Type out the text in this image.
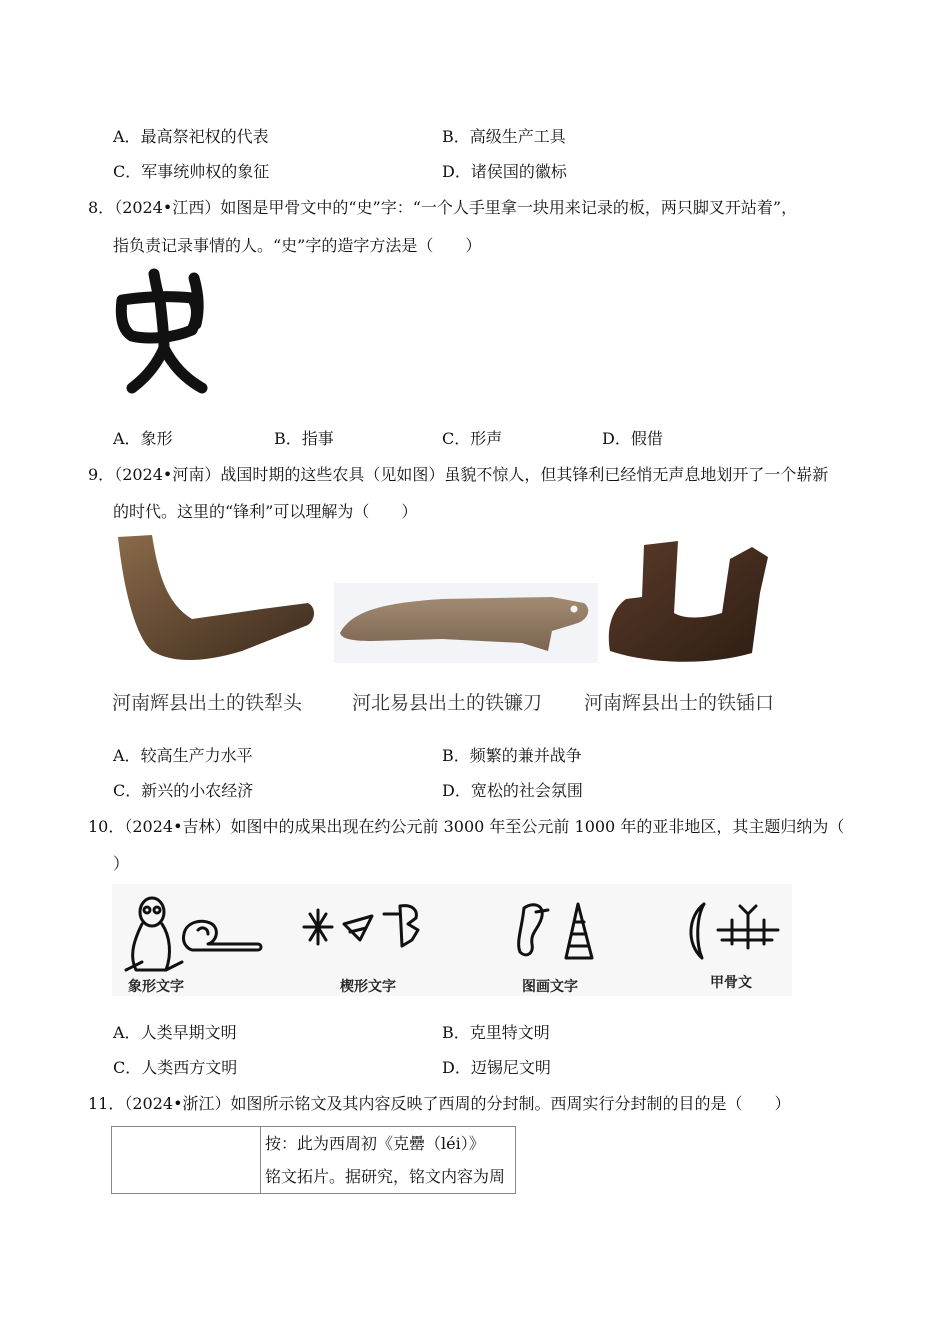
A．最高祭祀权的代表	B．高级生产工具
C．军事统帅权的象征	D．诸侯国的徽标
8．（2024•江西）如图是甲骨文中的“史”字：“一个人手里拿一块用来记录的板，两只脚叉开站着”，
指负责记录事情的人。“史”字的造字方法是（　　）
A．象形	B．指事	C．形声	D．假借
9．（2024•河南）战国时期的这些农具（见如图）虽貌不惊人，但其锋利已经悄无声息地划开了一个崭新
的时代。这里的“锋利”可以理解为（　　）
河南辉县出土的铁犁头	河北易县出土的铁镰刀 河南辉县出士的铁锸口
A．较高生产力水平	B．频繁的兼并战争
C．新兴的小农经济	D．宽松的社会氛围
10．（2024•吉林）如图中的成果出现在约公元前 3000 年至公元前 1000 年的亚非地区，其主题归纳为（
）
象形文字	楔形文字	图画文字	甲骨文
A．人类早期文明	B．克里特文明
C．人类西方文明	D．迈锡尼文明
11．（2024•浙江）如图所示铭文及其内容反映了西周的分封制。西周实行分封制的目的是（　　）

按：此为西周初《克罍（léi）》
铭文拓片。据研究，铭文内容为周
